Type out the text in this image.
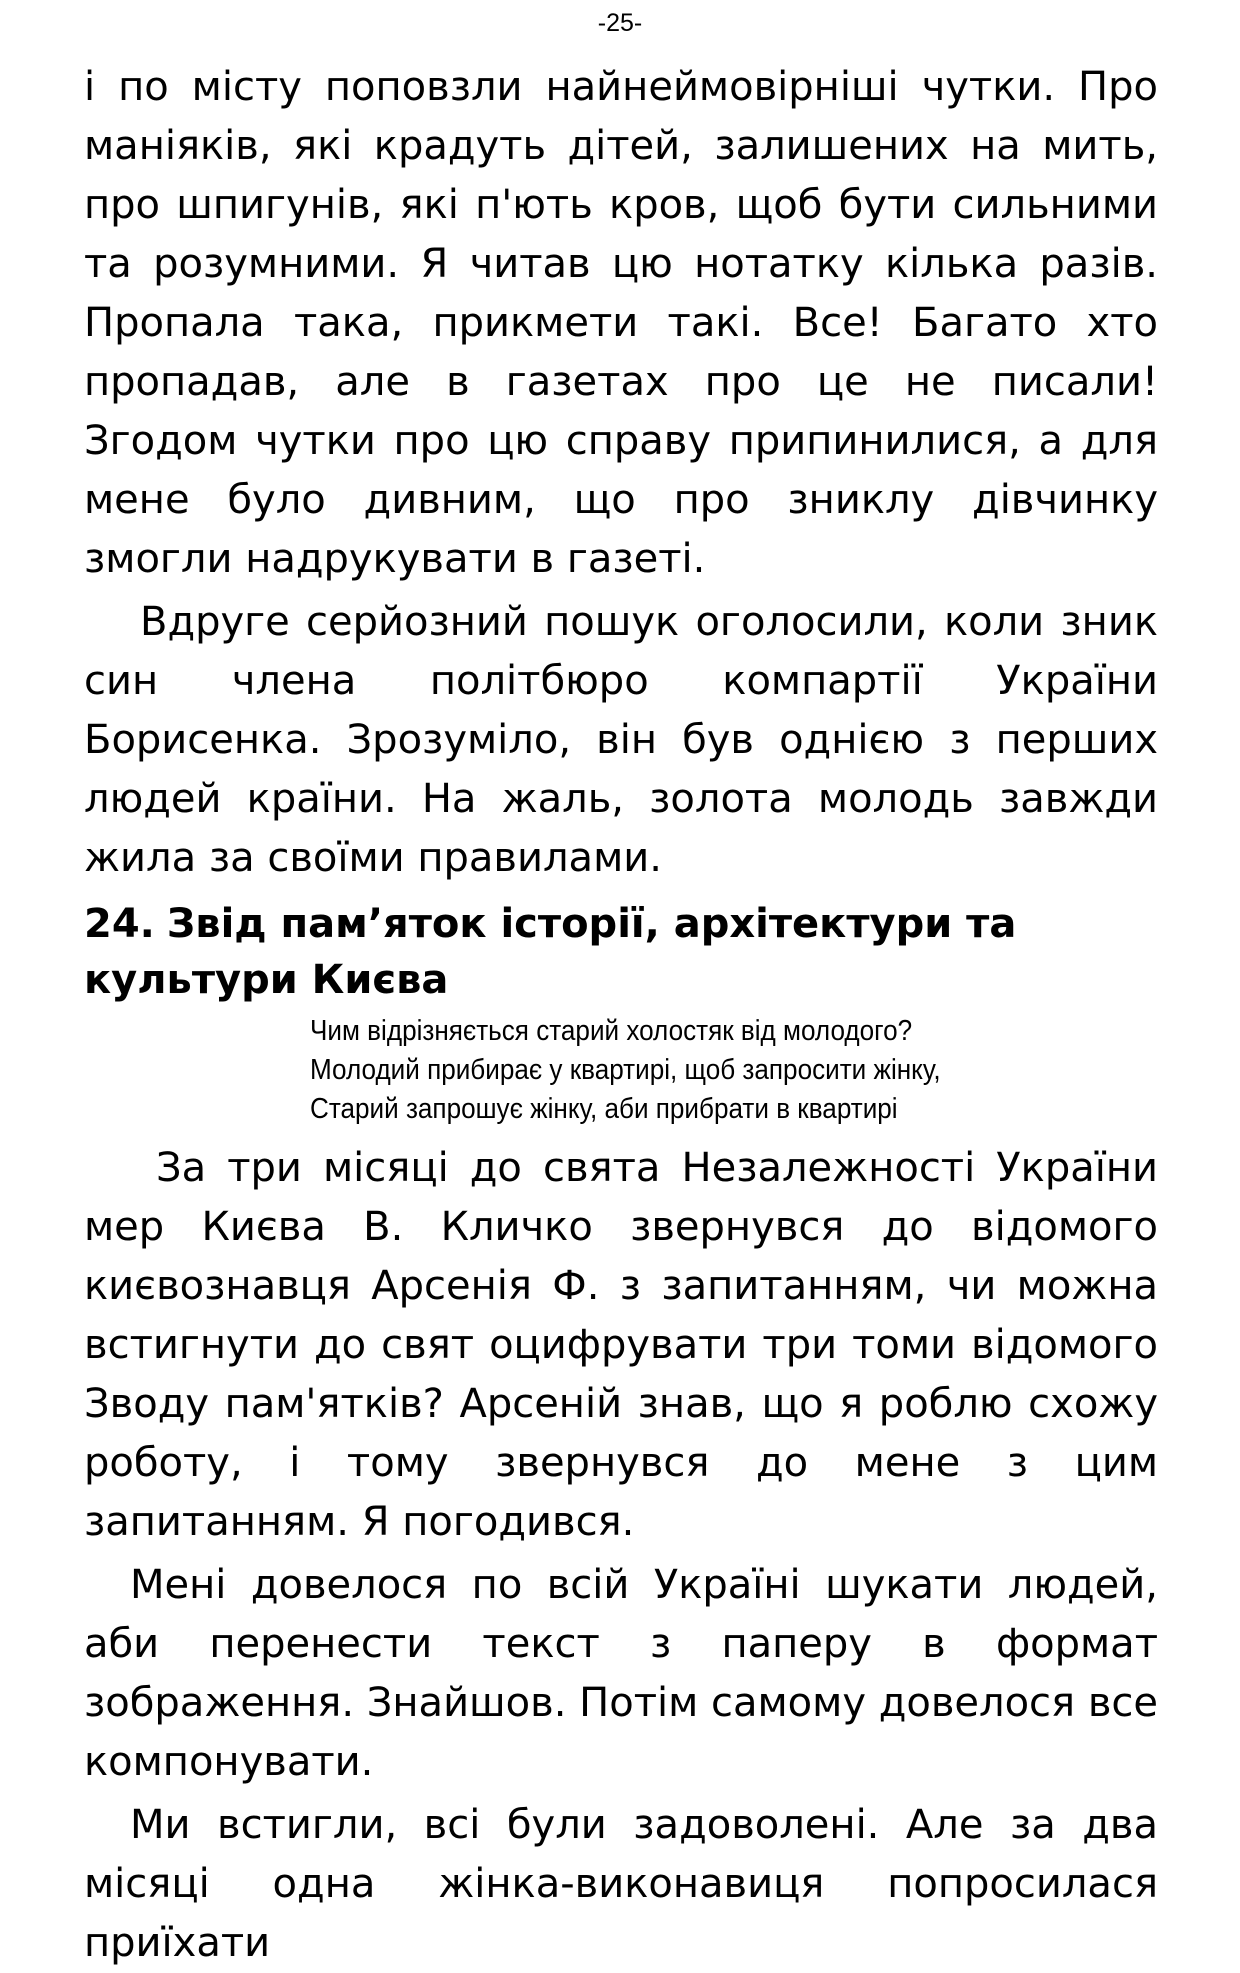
-25-

і по місту поповзли найнеймовірніші чутки. Про маніяків, які крадуть дітей, залишених на мить, про шпигунів, які п'ють кров, щоб бути сильними та розумними. Я читав цю нотатку кілька разів. Пропала така, прикмети такі. Все! Багато хто пропадав, але в газетах про це не писали! Згодом чутки про цю справу припинилися, а для мене було дивним, що про зниклу дівчинку змогли надрукувати в газеті.

Вдруге серйозний пошук оголосили, коли зник син члена політбюро компартії України Борисенка. Зрозуміло, він був однією з перших людей країни. На жаль, золота молодь завжди жила за своїми правилами.

24. Звід пам’яток історії, архітектури та культури Києва
Чим відрізняється старий холостяк від молодого?
Молодий прибирає у квартирі, щоб запросити жінку,
Старий запрошує жінку, аби прибрати в квартирі

За три місяці до свята Незалежності України мер Києва В. Кличко звернувся до відомого києвознавця Арсенія Ф. з запитанням, чи можна встигнути до свят оцифрувати три томи відомого Зводу пам'ятків? Арсеній знав, що я роблю схожу роботу, і тому звернувся до мене з цим запитанням. Я погодився.

Мені довелося по всій Україні шукати людей, аби перенести текст з паперу в формат зображення. Знайшов. Потім самому довелося все компонувати.

Ми встигли, всі були задоволені. Але за два місяці одна жінка-виконавиця попросилася приїхати
